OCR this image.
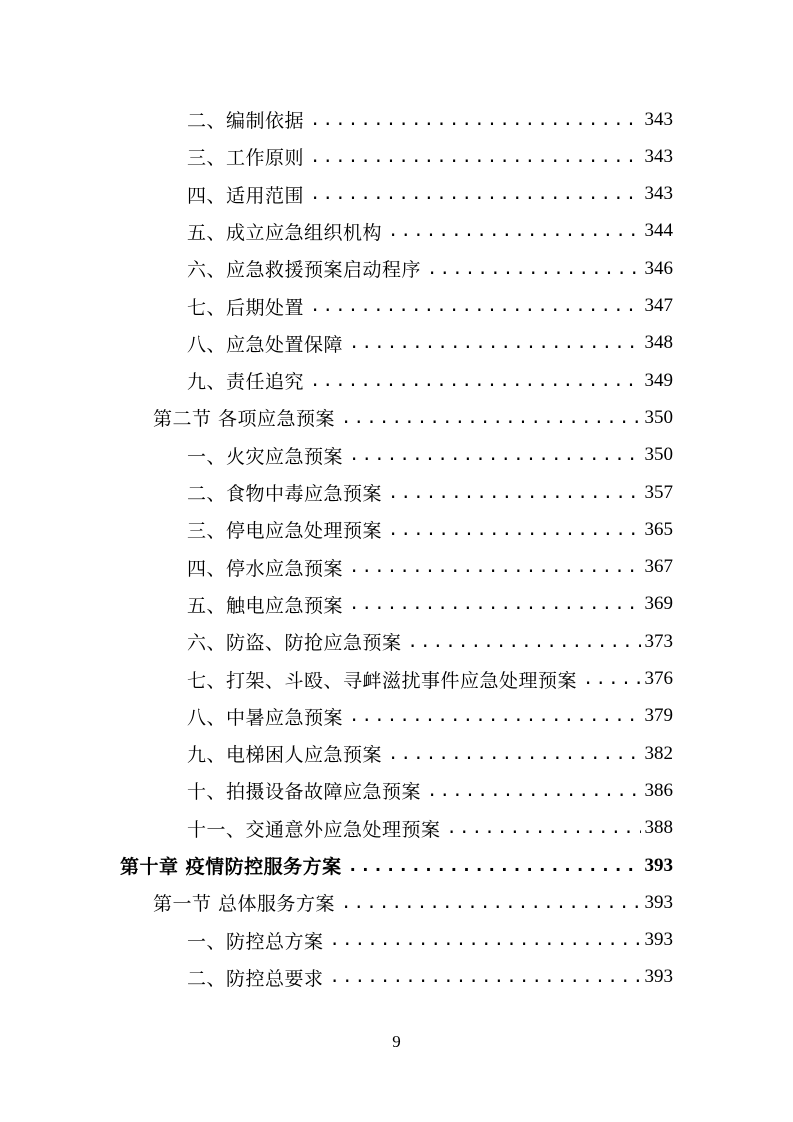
二、编制依据 .....	343
三、工作原则 .....	343
四、适用范围 .....	343
五、成立应急组织机构 .....	344
六、应急救援预案启动程序 .....	346
七、后期处置 .....	347
八、应急处置保障 .....	348
九、责任追究 .....	349
第二节 各项应急预案 .....	350
一、火灾应急预案 .....	350
二、食物中毒应急预案 .....	357
三、停电应急处理预案 .....	365
四、停水应急预案 .....	367
五、触电应急预案 .....	369
六、防盗、防抢应急预案 .....	373
七、打架、斗殴、寻衅滋扰事件应急处理预案 .....	376
八、中暑应急预案 .....	379
九、电梯困人应急预案 .....	382
十、拍摄设备故障应急预案 .....	386
十一、交通意外应急处理预案 .....	388
第十章 疫情防控服务方案 .....	393
第一节 总体服务方案 .....	393
一、防控总方案 .....	393
二、防控总要求 .....	393
9
